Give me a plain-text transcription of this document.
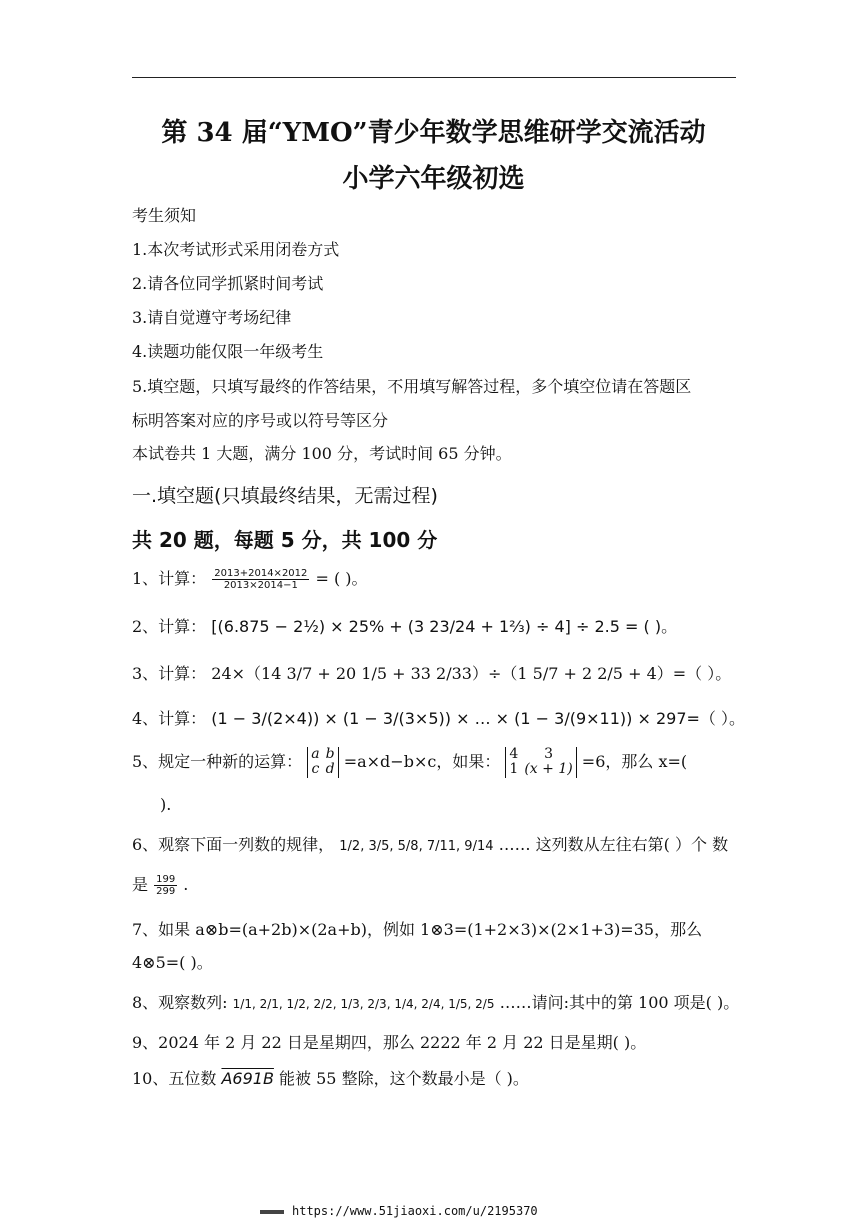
第 34 届“YMO”青少年数学思维研学交流活动
小学六年级初选
考生须知
1.本次考试形式采用闭卷方式
2.请各位同学抓紧时间考试
3.请自觉遵守考场纪律
4.读题功能仅限一年级考生
5.填空题，只填写最终的作答结果，不用填写解答过程，多个填空位请在答题区
标明答案对应的序号或以符号等区分
本试卷共 1 大题，满分 100 分，考试时间 65 分钟。
一.填空题(只填最终结果，无需过程)
共 20 题，每题 5 分，共 100 分
1、计算： $\frac{2013+2014\times 2012}{2013\times 2014-1}$ = ( )。
2、计算： [(6.875 − 2½) × 25% + (3 23/24 + 1⅔) ÷ 4] ÷ 2.5 = ( )。
3、计算： 24×（14 3/7 + 20 1/5 + 33 2/33）÷（1 5/7 + 2 2/5 + 4）=（ ）。
4、计算： (1 − 3/(2×4)) × (1 − 3/(3×5)) × … × (1 − 3/(9×11)) × 297=（ ）。
5、规定一种新的运算： a	b
c	d =a×d−b×c，如果： 4	3
1	(x + 1) =6，那么 x=(
).
6、观察下面一列数的规律， 1/2, 3/5, 5/8, 7/11, 9/14 …… 这列数从左往右第( ）个 数
是 $\frac{199}{299}$ .
7、如果 a⊗b=(a+2b)×(2a+b)，例如 1⊗3=(1+2×3)×(2×1+3)=35，那么
4⊗5=( )。
8、观察数列: 1/1, 2/1, 1/2, 2/2, 1/3, 2/3, 1/4, 2/4, 1/5, 2/5 ……请问:其中的第 100 项是( )。
9、2024 年 2 月 22 日是星期四，那么 2222 年 2 月 22 日是星期( )。
10、五位数 A691B 能被 55 整除，这个数最小是（ )。
https://www.51jiaoxi.com/u/2195370
